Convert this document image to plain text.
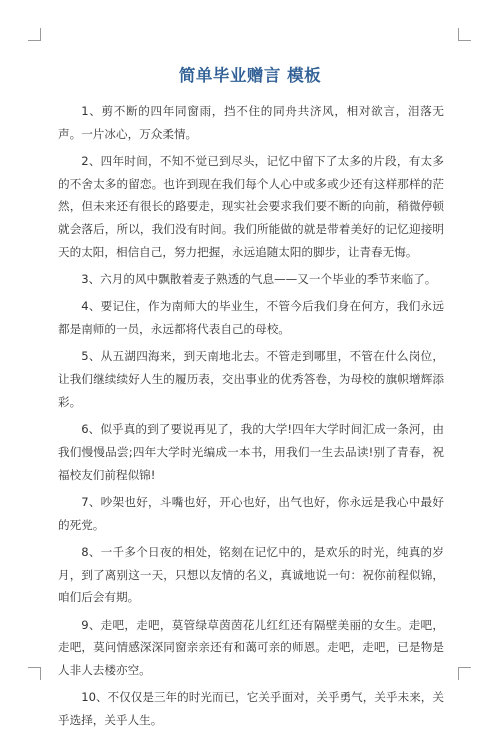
简单毕业赠言 模板

1、剪不断的四年同窗雨，挡不住的同舟共济风，相对欲言，泪落无声。一片冰心，万众柔情。

2、四年时间，不知不觉已到尽头，记忆中留下了太多的片段，有太多的不舍太多的留恋。也许到现在我们每个人心中或多或少还有这样那样的茫然，但未来还有很长的路要走，现实社会要求我们要不断的向前，稍微停顿就会落后，所以，我们没有时间。我们所能做的就是带着美好的记忆迎接明天的太阳，相信自己，努力把握，永远追随太阳的脚步，让青春无悔。

3、六月的风中飘散着麦子熟透的气息——又一个毕业的季节来临了。

4、要记住，作为南师大的毕业生，不管今后我们身在何方，我们永远都是南师的一员，永远都将代表自己的母校。

5、从五湖四海来，到天南地北去。不管走到哪里，不管在什么岗位，让我们继续续好人生的履历表，交出事业的优秀答卷，为母校的旗帜增辉添彩。

6、似乎真的到了要说再见了，我的大学!四年大学时间汇成一条河，由我们慢慢品尝;四年大学时光编成一本书，用我们一生去品读!别了青春，祝福校友们前程似锦!

7、吵架也好，斗嘴也好，开心也好，出气也好，你永远是我心中最好的死党。

8、一千多个日夜的相处，铭刻在记忆中的，是欢乐的时光，纯真的岁月，到了离别这一天，只想以友情的名义，真诚地说一句：祝你前程似锦，咱们后会有期。

9、走吧，走吧，莫管绿草茵茵花儿红红还有隔壁美丽的女生。走吧，走吧，莫问情感深深同窗亲亲还有和蔼可亲的师恩。走吧，走吧，已是物是人非人去楼亦空。

10、不仅仅是三年的时光而已，它关乎面对，关乎勇气，关乎未来，关乎选择，关乎人生。
